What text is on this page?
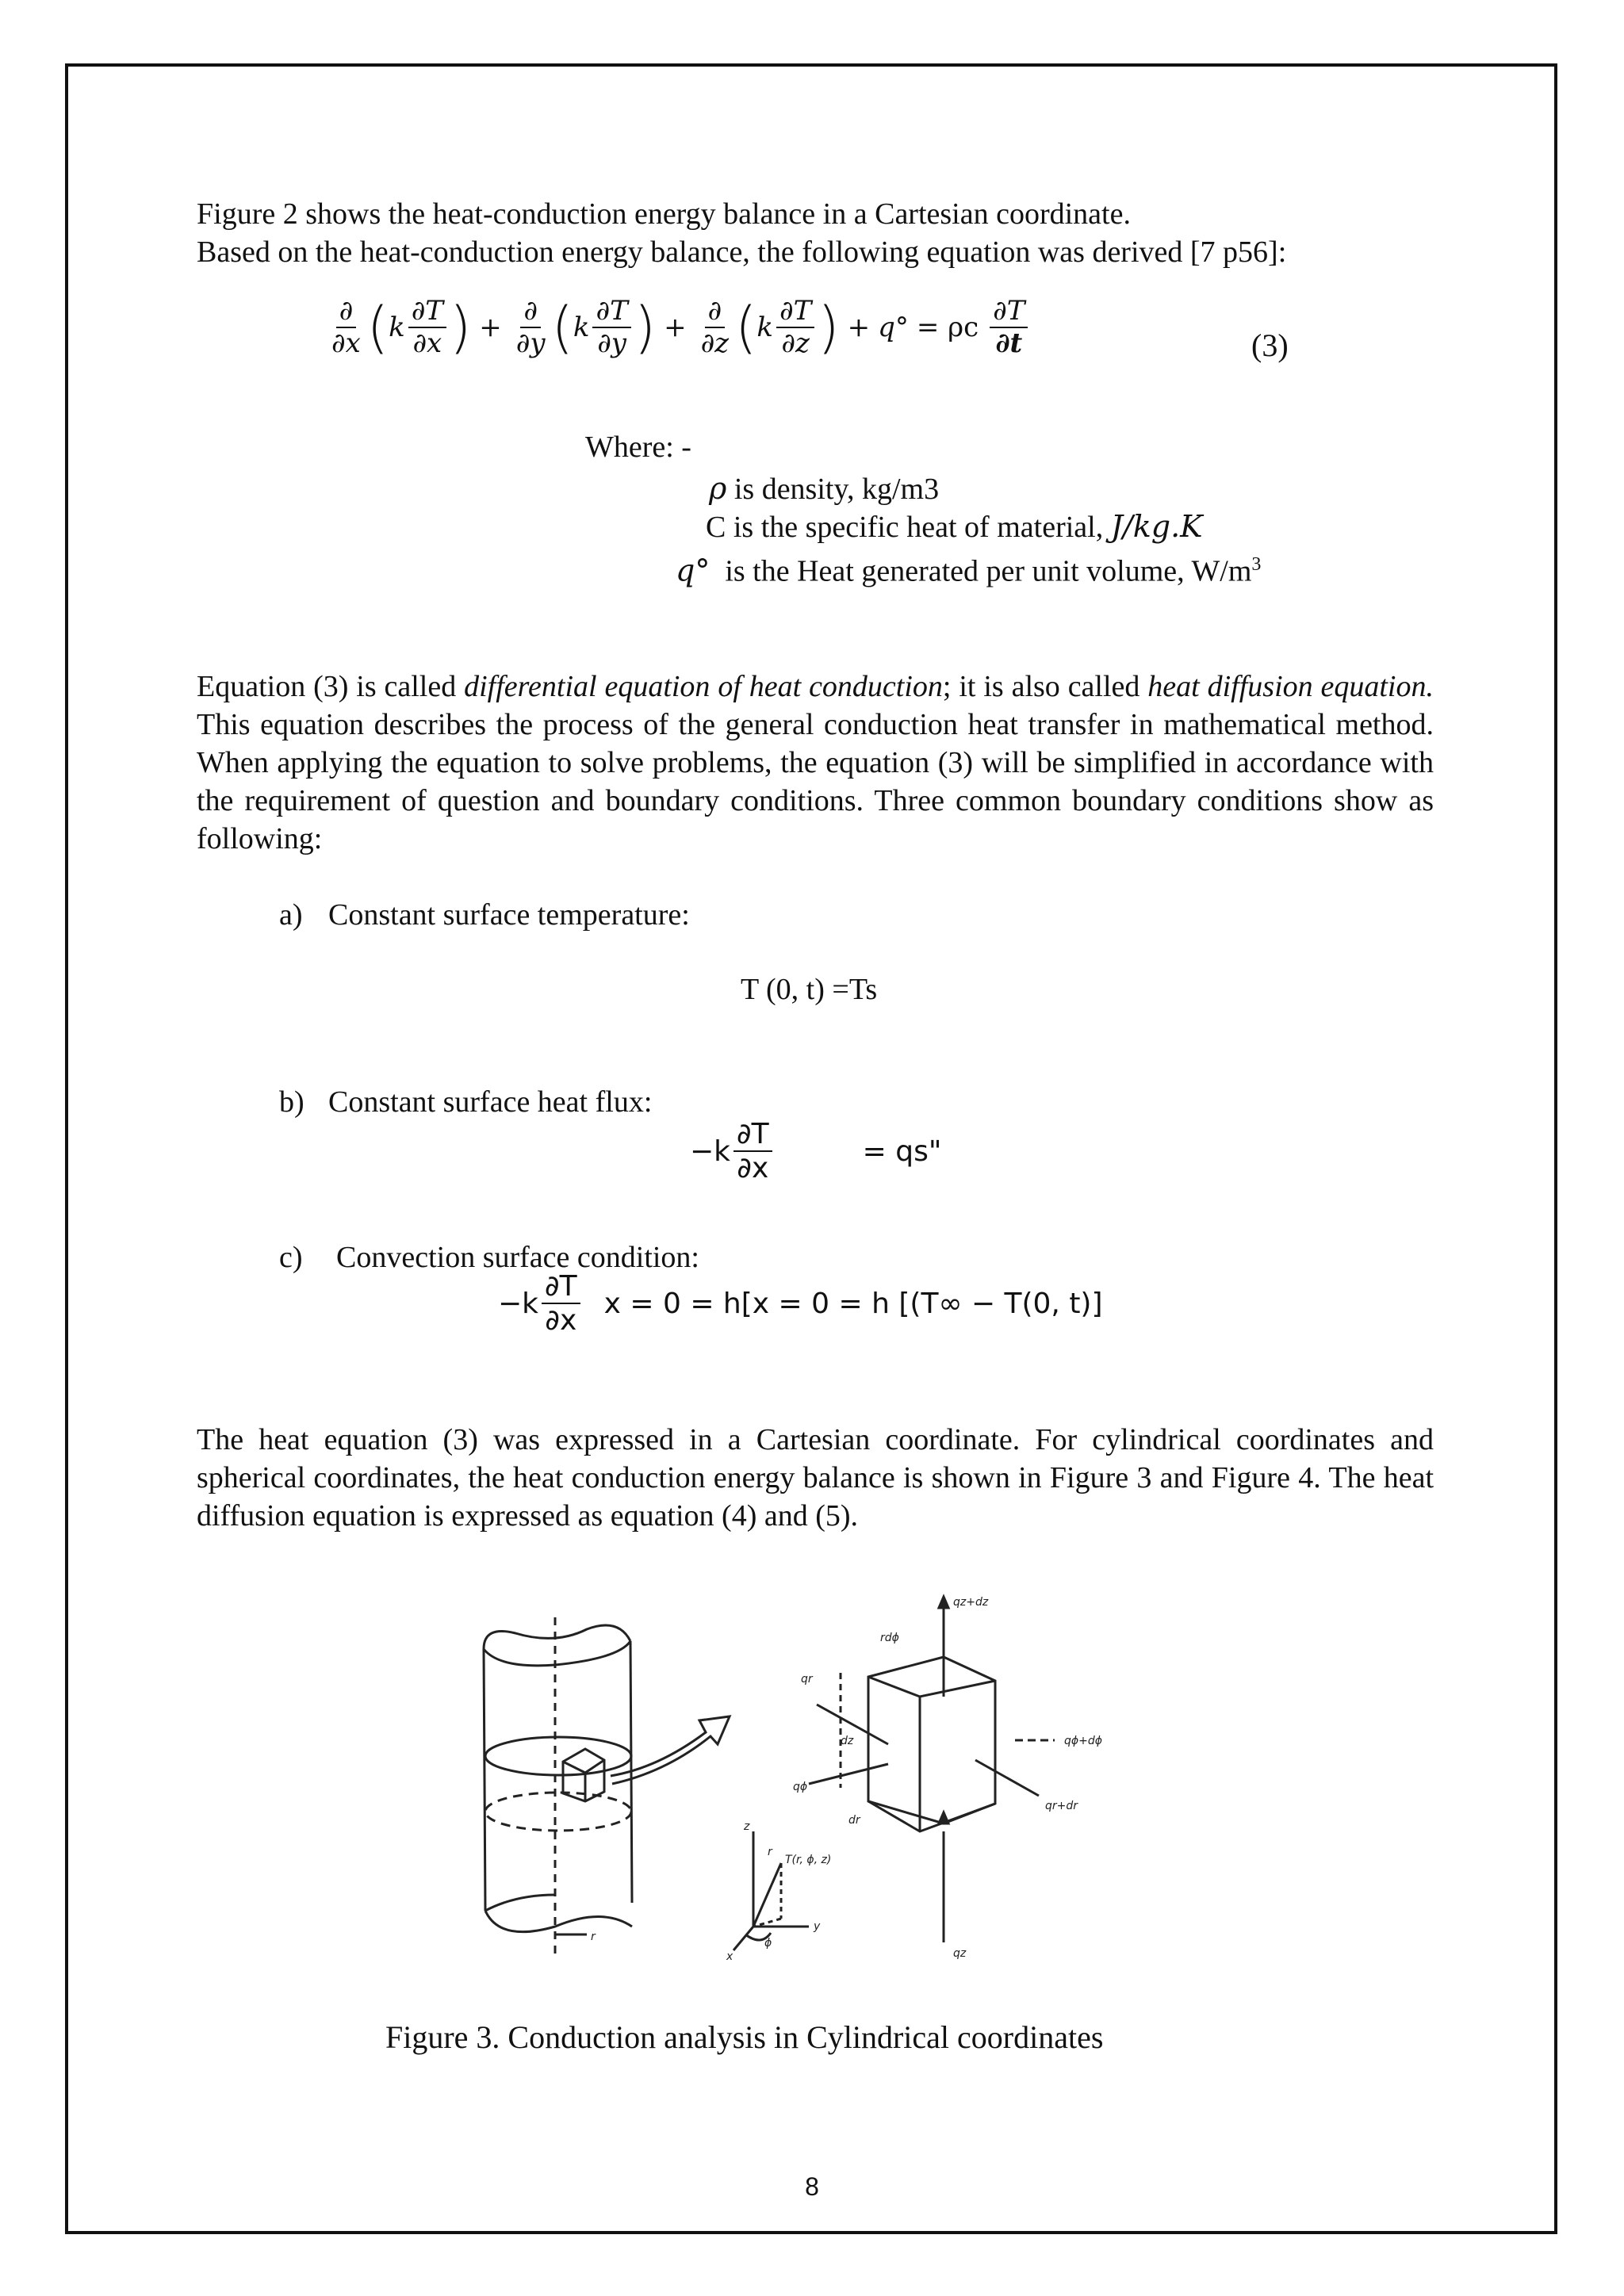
Figure 2 shows the heat-conduction energy balance in a Cartesian coordinate.

Based on the heat-conduction energy balance, the following equation was derived [7 p56]:

$\frac{\partial}{\partial x}$ ( k $\frac{\partial T}{\partial x}$ ) + $\frac{\partial}{\partial y}$ ( k $\frac{\partial T}{\partial y}$ ) + $\frac{\partial}{\partial z}$ ( k $\frac{\partial T}{\partial z}$ ) + q° = ρc $\frac{\partial T}{\partial t}$	(3)

Where: -

ρ is density, kg/m3

C is the specific heat of material, J/kg.K

q° is the Heat generated per unit volume, $W/m^3$

Equation (3) is called differential equation of heat conduction; it is also called heat diffusion equation. This equation describes the process of the general conduction heat transfer in mathematical method. When applying the equation to solve problems, the equation (3) will be simplified in accordance with the requirement of question and boundary conditions. Three common boundary conditions show as following:

a) Constant surface temperature:

T (0, t) =Ts

b) Constant surface heat flux:

$-k \frac{\partial T}{\partial x}$	= qs"

c) Convection surface condition:

$-k \frac{\partial T}{\partial x}$ x = 0 = h[x = 0 = h [(T∞ − T(0, t)]

The heat equation (3) was expressed in a Cartesian coordinate. For cylindrical coordinates and spherical coordinates, the heat conduction energy balance is shown in Figure 3 and Figure 4. The heat diffusion equation is expressed as equation (4) and (5).

qz+dz
rdϕ
qr
qϕ+dϕ
dz
qϕ
dr
qr+dr
qz
T(r, ϕ, z)
z
r
y
x
ϕ
r

Figure 3. Conduction analysis in Cylindrical coordinates

8
